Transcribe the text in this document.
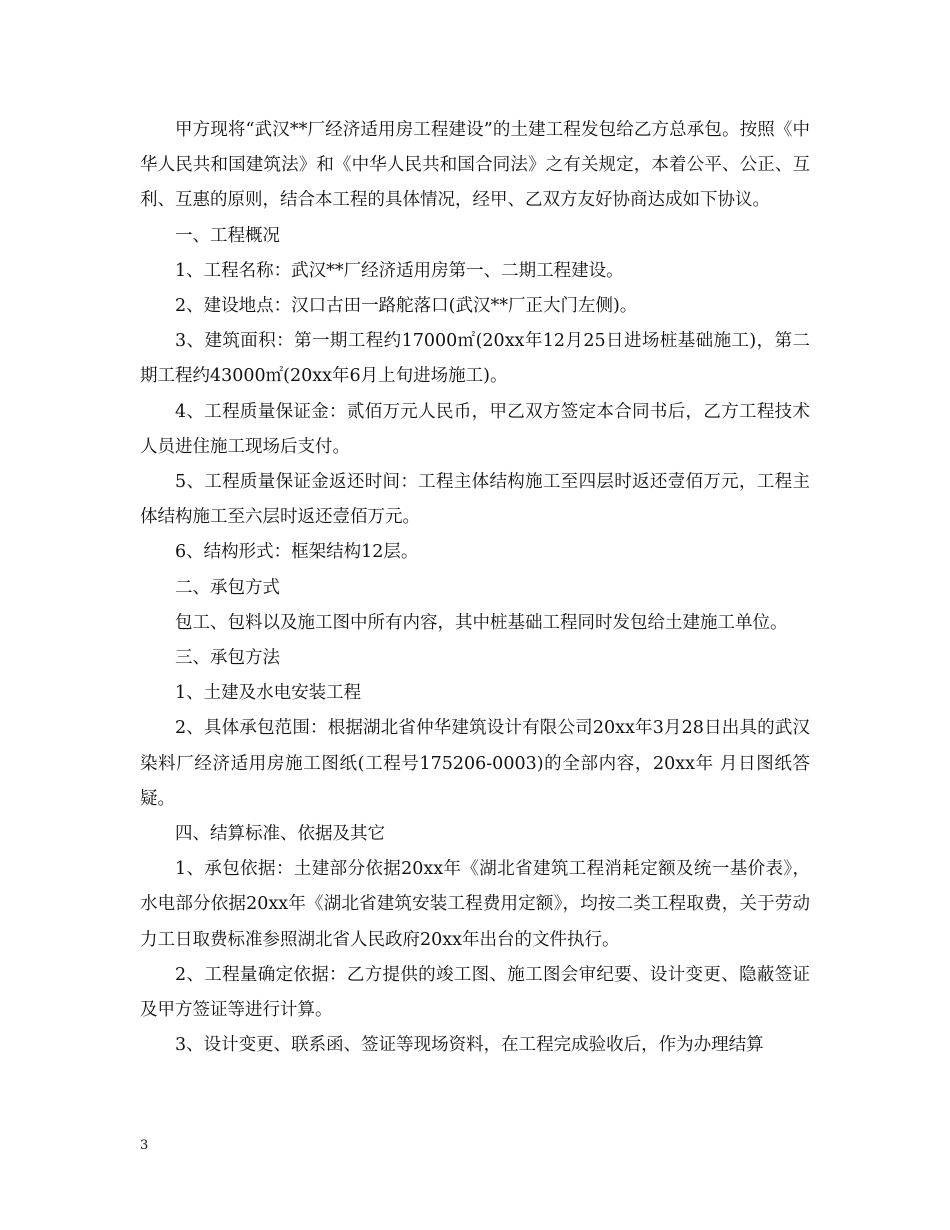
甲方现将“武汉**厂经济适用房工程建设”的土建工程发包给乙方总承包。按照《中华人民共和国建筑法》和《中华人民共和国合同法》之有关规定，本着公平、公正、互利、互惠的原则，结合本工程的具体情况，经甲、乙双方友好协商达成如下协议。

一、工程概况

1、工程名称：武汉**厂经济适用房第一、二期工程建设。

2、建设地点：汉口古田一路舵落口(武汉**厂正大门左侧)。

3、建筑面积：第一期工程约17000㎡(20xx年12月25日进场桩基础施工)，第二期工程约43000㎡(20xx年6月上旬进场施工)。

4、工程质量保证金：贰佰万元人民币，甲乙双方签定本合同书后，乙方工程技术人员进住施工现场后支付。

5、工程质量保证金返还时间：工程主体结构施工至四层时返还壹佰万元，工程主体结构施工至六层时返还壹佰万元。

6、结构形式：框架结构12层。

二、承包方式

包工、包料以及施工图中所有内容，其中桩基础工程同时发包给土建施工单位。

三、承包方法

1、土建及水电安装工程

2、具体承包范围：根据湖北省仲华建筑设计有限公司20xx年3月28日出具的武汉染料厂经济适用房施工图纸(工程号175206-0003)的全部内容，20xx年 月日图纸答疑。

四、结算标准、依据及其它

1、承包依据：土建部分依据20xx年《湖北省建筑工程消耗定额及统一基价表》，水电部分依据20xx年《湖北省建筑安装工程费用定额》，均按二类工程取费，关于劳动力工日取费标准参照湖北省人民政府20xx年出台的文件执行。

2、工程量确定依据：乙方提供的竣工图、施工图会审纪要、设计变更、隐蔽签证及甲方签证等进行计算。

3、设计变更、联系函、签证等现场资料，在工程完成验收后，作为办理结算

3
